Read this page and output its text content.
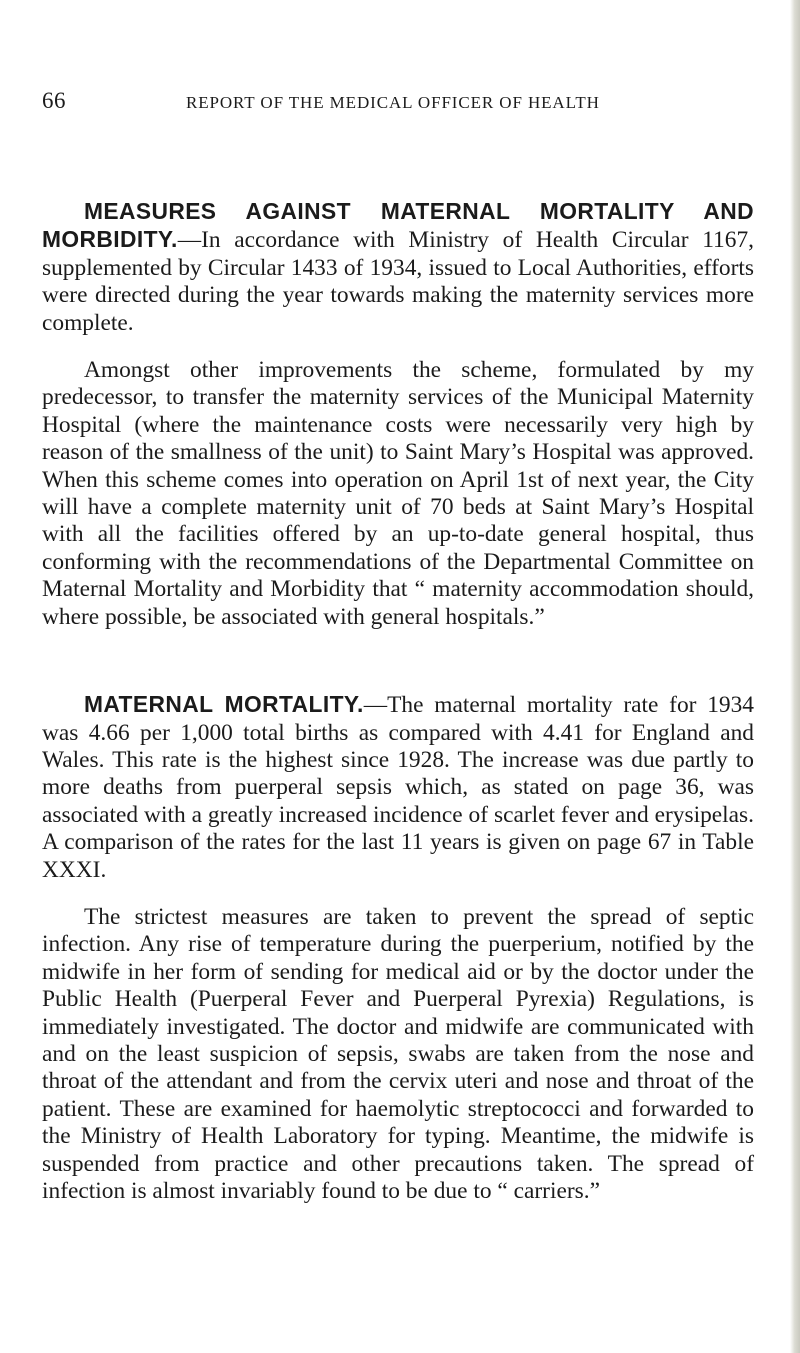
66	REPORT OF THE MEDICAL OFFICER OF HEALTH

MEASURES AGAINST MATERNAL MORTALITY AND MORBIDITY.—In accordance with Ministry of Health Circular 1167, supplemented by Circular 1433 of 1934, issued to Local Authorities, efforts were directed during the year towards making the maternity services more complete.

Amongst other improvements the scheme, formulated by my predecessor, to transfer the maternity services of the Municipal Maternity Hospital (where the maintenance costs were necessarily very high by reason of the smallness of the unit) to Saint Mary’s Hospital was approved. When this scheme comes into operation on April 1st of next year, the City will have a complete maternity unit of 70 beds at Saint Mary’s Hospital with all the facilities offered by an up-to-date general hospital, thus conforming with the recommendations of the Departmental Committee on Maternal Mortality and Morbidity that “ maternity accommodation should, where possible, be associated with general hospitals.”

MATERNAL MORTALITY.—The maternal mortality rate for 1934 was 4.66 per 1,000 total births as compared with 4.41 for England and Wales. This rate is the highest since 1928. The increase was due partly to more deaths from puerperal sepsis which, as stated on page 36, was associated with a greatly increased incidence of scarlet fever and erysipelas. A comparison of the rates for the last 11 years is given on page 67 in Table XXXI.

The strictest measures are taken to prevent the spread of septic infection. Any rise of temperature during the puerperium, notified by the midwife in her form of sending for medical aid or by the doctor under the Public Health (Puerperal Fever and Puerperal Pyrexia) Regulations, is immediately investigated. The doctor and midwife are communicated with and on the least suspicion of sepsis, swabs are taken from the nose and throat of the attendant and from the cervix uteri and nose and throat of the patient. These are examined for haemolytic streptococci and forwarded to the Ministry of Health Laboratory for typing. Meantime, the midwife is suspended from practice and other precautions taken. The spread of infection is almost invariably found to be due to “ carriers.”
